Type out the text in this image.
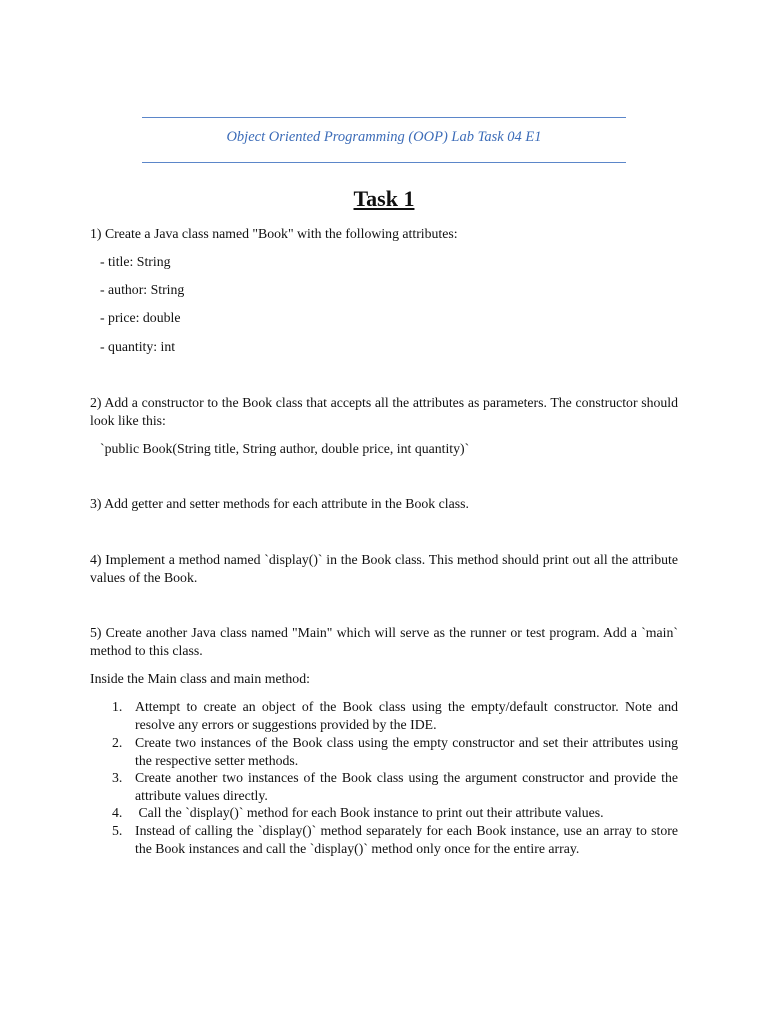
Object Oriented Programming (OOP) Lab Task 04 E1
Task 1
1) Create a Java class named "Book" with the following attributes:
- title: String
- author: String
- price: double
- quantity: int
2) Add a constructor to the Book class that accepts all the attributes as parameters. The constructor should look like this:
`public Book(String title, String author, double price, int quantity)`
3) Add getter and setter methods for each attribute in the Book class.
4) Implement a method named `display()` in the Book class. This method should print out all the attribute values of the Book.
5) Create another Java class named "Main" which will serve as the runner or test program. Add a `main` method to this class.
Inside the Main class and main method:
1. Attempt to create an object of the Book class using the empty/default constructor. Note and resolve any errors or suggestions provided by the IDE.
2. Create two instances of the Book class using the empty constructor and set their attributes using the respective setter methods.
3. Create another two instances of the Book class using the argument constructor and provide the attribute values directly.
4. Call the `display()` method for each Book instance to print out their attribute values.
5. Instead of calling the `display()` method separately for each Book instance, use an array to store the Book instances and call the `display()` method only once for the entire array.
